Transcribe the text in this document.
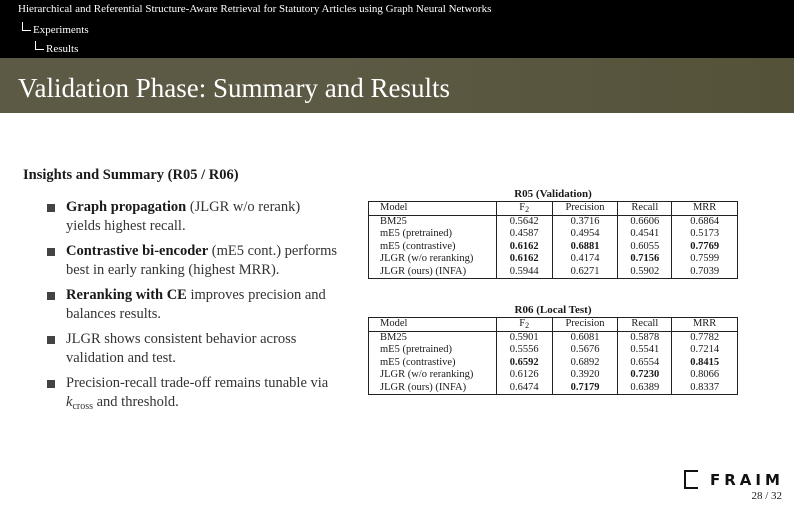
Hierarchical and Referential Structure-Aware Retrieval for Statutory Articles using Graph Neural Networks
Experiments
Results
Validation Phase: Summary and Results
Insights and Summary (R05 / R06)
Graph propagation (JLGR w/o rerank) yields highest recall.
Contrastive bi-encoder (mE5 cont.) performs best in early ranking (highest MRR).
Reranking with CE improves precision and balances results.
JLGR shows consistent behavior across validation and test.
Precision-recall trade-off remains tunable via $k_{cross}$ and threshold.
R05 (Validation)
Model	F2	Precision	Recall	MRR
BM25	0.5642	0.3716	0.6606	0.6864
mE5 (pretrained)	0.4587	0.4954	0.4541	0.5173
mE5 (contrastive)	0.6162	0.6881	0.6055	0.7769
JLGR (w/o reranking)	0.6162	0.4174	0.7156	0.7599
JLGR (ours) (INFA)	0.5944	0.6271	0.5902	0.7039
R06 (Local Test)
Model	F2	Precision	Recall	MRR
BM25	0.5901	0.6081	0.5878	0.7782
mE5 (pretrained)	0.5556	0.5676	0.5541	0.7214
mE5 (contrastive)	0.6592	0.6892	0.6554	0.8415
JLGR (w/o reranking)	0.6126	0.3920	0.7230	0.8066
JLGR (ours) (INFA)	0.6474	0.7179	0.6389	0.8337
FRAIM
28 / 32
